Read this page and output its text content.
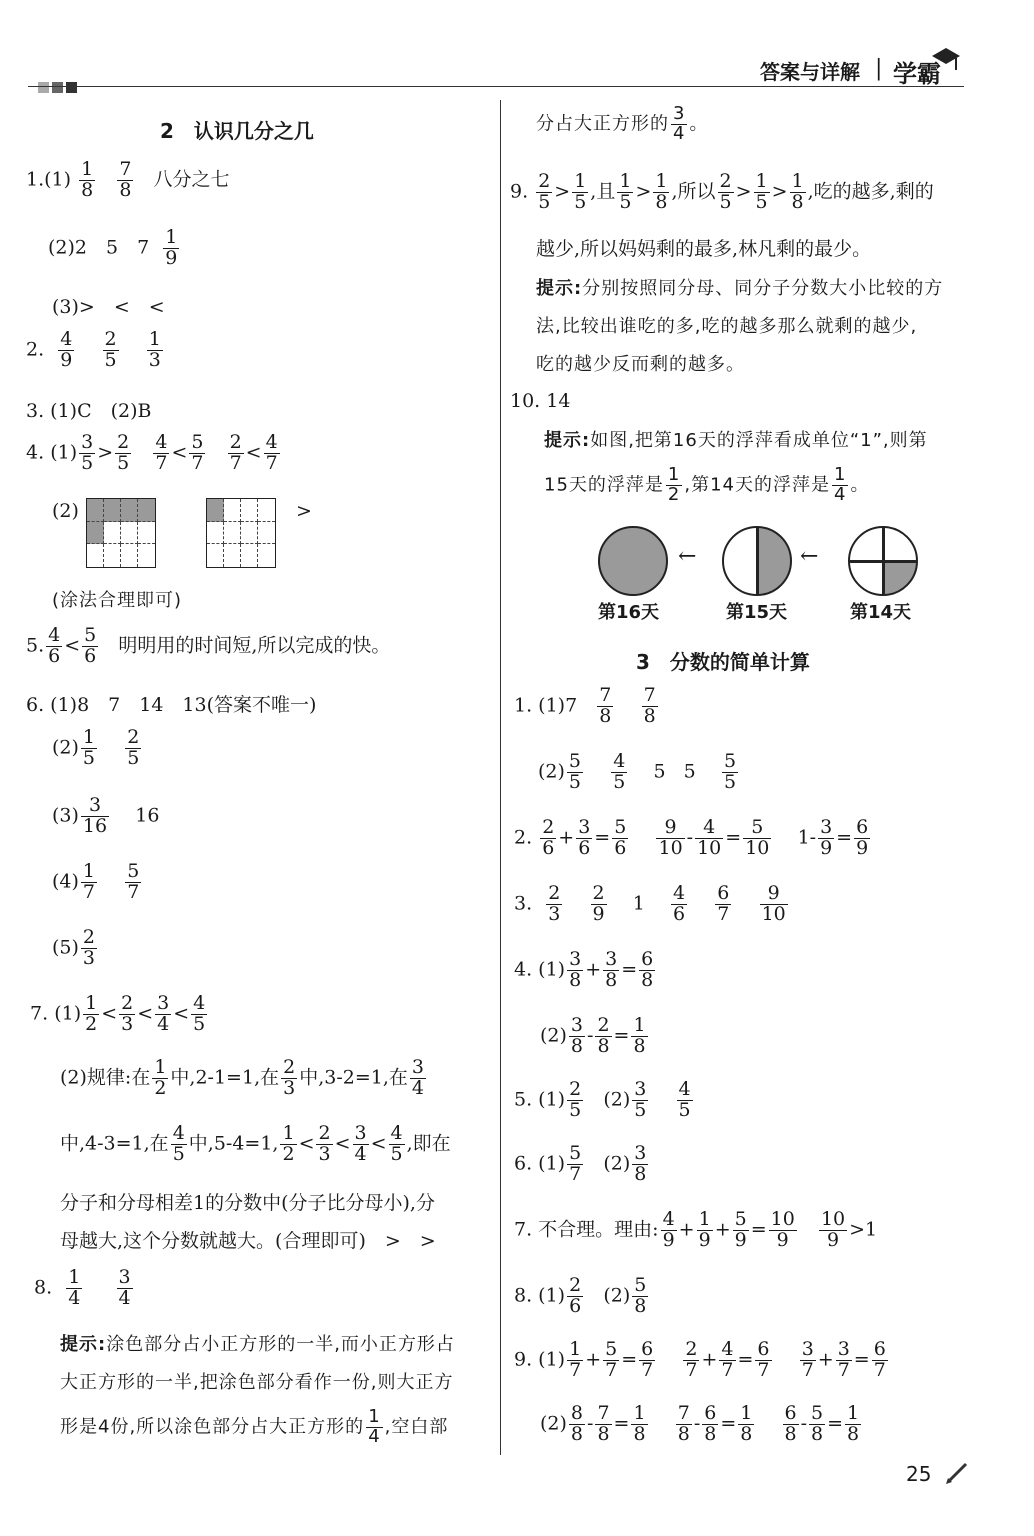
答案与详解 | 学霸
2　认识几分之几
$1.(1) \frac{1}{8}$
$\frac{7}{8}$ 八分之七
(2)2　5　$7 \frac{1}{9}$
(3)>　<　<
2. $\frac{4}{9}$
$\frac{2}{5}$
$\frac{1}{3}$
3. (1)C　(2)B
4. $(1) \frac{3}{5} > \frac{2}{5}$
$\frac{4}{7} < \frac{5}{7}$
$\frac{2}{7} < \frac{4}{7}$
(2)	>
(涂法合理即可)
5. $\frac{4}{6} < \frac{5}{6}$ 明明用的时间短,所以完成的快。
6. (1)8　7　14　13(答案不唯一)
$(2) \frac{1}{5}$
$\frac{2}{5}$
$(3) \frac{3}{16} 16$
$(4) \frac{1}{7}$
$\frac{5}{7}$
$(5) \frac{2}{3}$
7. $(1) \frac{1}{2} < \frac{2}{3} < \frac{3}{4} < \frac{4}{5}$
(2)规律:在 $\frac{1}{2}$ 中,2-1=1,在 $\frac{2}{3}$ 中,3-2=1,在 $\frac{3}{4}$
中,4-3=1,在 $\frac{4}{5}$ 中,5-4=1, $\frac{1}{2} < \frac{2}{3} < \frac{3}{4} < \frac{4}{5}$ ,即在
分子和分母相差1的分数中(分子比分母小),分
母越大,这个分数就越大。(合理即可)　>　>
8. $\frac{1}{4}$
$\frac{3}{4}$
提示:涂色部分占小正方形的一半,而小正方形占
大正方形的一半,把涂色部分看作一份,则大正方
形是4份,所以涂色部分占大正方形的 $\frac{1}{4}$ ,空白部
分占大正方形的 $\frac{3}{4}$ 。
9. $\frac{2}{5} > \frac{1}{5}$ ,且 $\frac{1}{5} > \frac{1}{8}$ ,所以 $\frac{2}{5} > \frac{1}{5} > \frac{1}{8}$ ,吃的越多,剩的
越少,所以妈妈剩的最多,林凡剩的最少。
提示:分别按照同分母、同分子分数大小比较的方
法,比较出谁吃的多,吃的越多那么就剩的越少,
吃的越少反而剩的越多。
10. 14
提示:如图,把第16天的浮萍看成单位“1”,则第
15天的浮萍是 $\frac{1}{2}$ ,第14天的浮萍是 $\frac{1}{4}$ 。
←	←
第16天	第15天	第14天
3　分数的简单计算
1. $(1)7 \frac{7}{8}$
$\frac{7}{8}$
$(2) \frac{5}{5}$
$\frac{4}{5} 5$ $5 \frac{5}{5}$
2. $\frac{2}{6} + \frac{3}{6} = \frac{5}{6}$
$\frac{9}{10} - \frac{4}{10} = \frac{5}{10} 1- \frac{3}{9} = \frac{6}{9}$
3. $\frac{2}{3}$
$\frac{2}{9} 1 \frac{4}{6}$
$\frac{6}{7}$
$\frac{9}{10}$
4. $(1) \frac{3}{8} + \frac{3}{8} = \frac{6}{8}$
$(2) \frac{3}{8} - \frac{2}{8} = \frac{1}{8}$
5. $(1) \frac{2}{5} (2) \frac{3}{5}$
$\frac{4}{5}$
6. $(1) \frac{5}{7} (2) \frac{3}{8}$
7. 不合理。理由: $\frac{4}{9} + \frac{1}{9} + \frac{5}{9} = \frac{10}{9}$
$\frac{10}{9} >1$
8. $(1) \frac{2}{6} (2) \frac{5}{8}$
9. $(1) \frac{1}{7} + \frac{5}{7} = \frac{6}{7}$
$\frac{2}{7} + \frac{4}{7} = \frac{6}{7}$
$\frac{3}{7} + \frac{3}{7} = \frac{6}{7}$
$(2) \frac{8}{8} - \frac{7}{8} = \frac{1}{8}$
$\frac{7}{8} - \frac{6}{8} = \frac{1}{8}$
$\frac{6}{8} - \frac{5}{8} = \frac{1}{8}$
25
